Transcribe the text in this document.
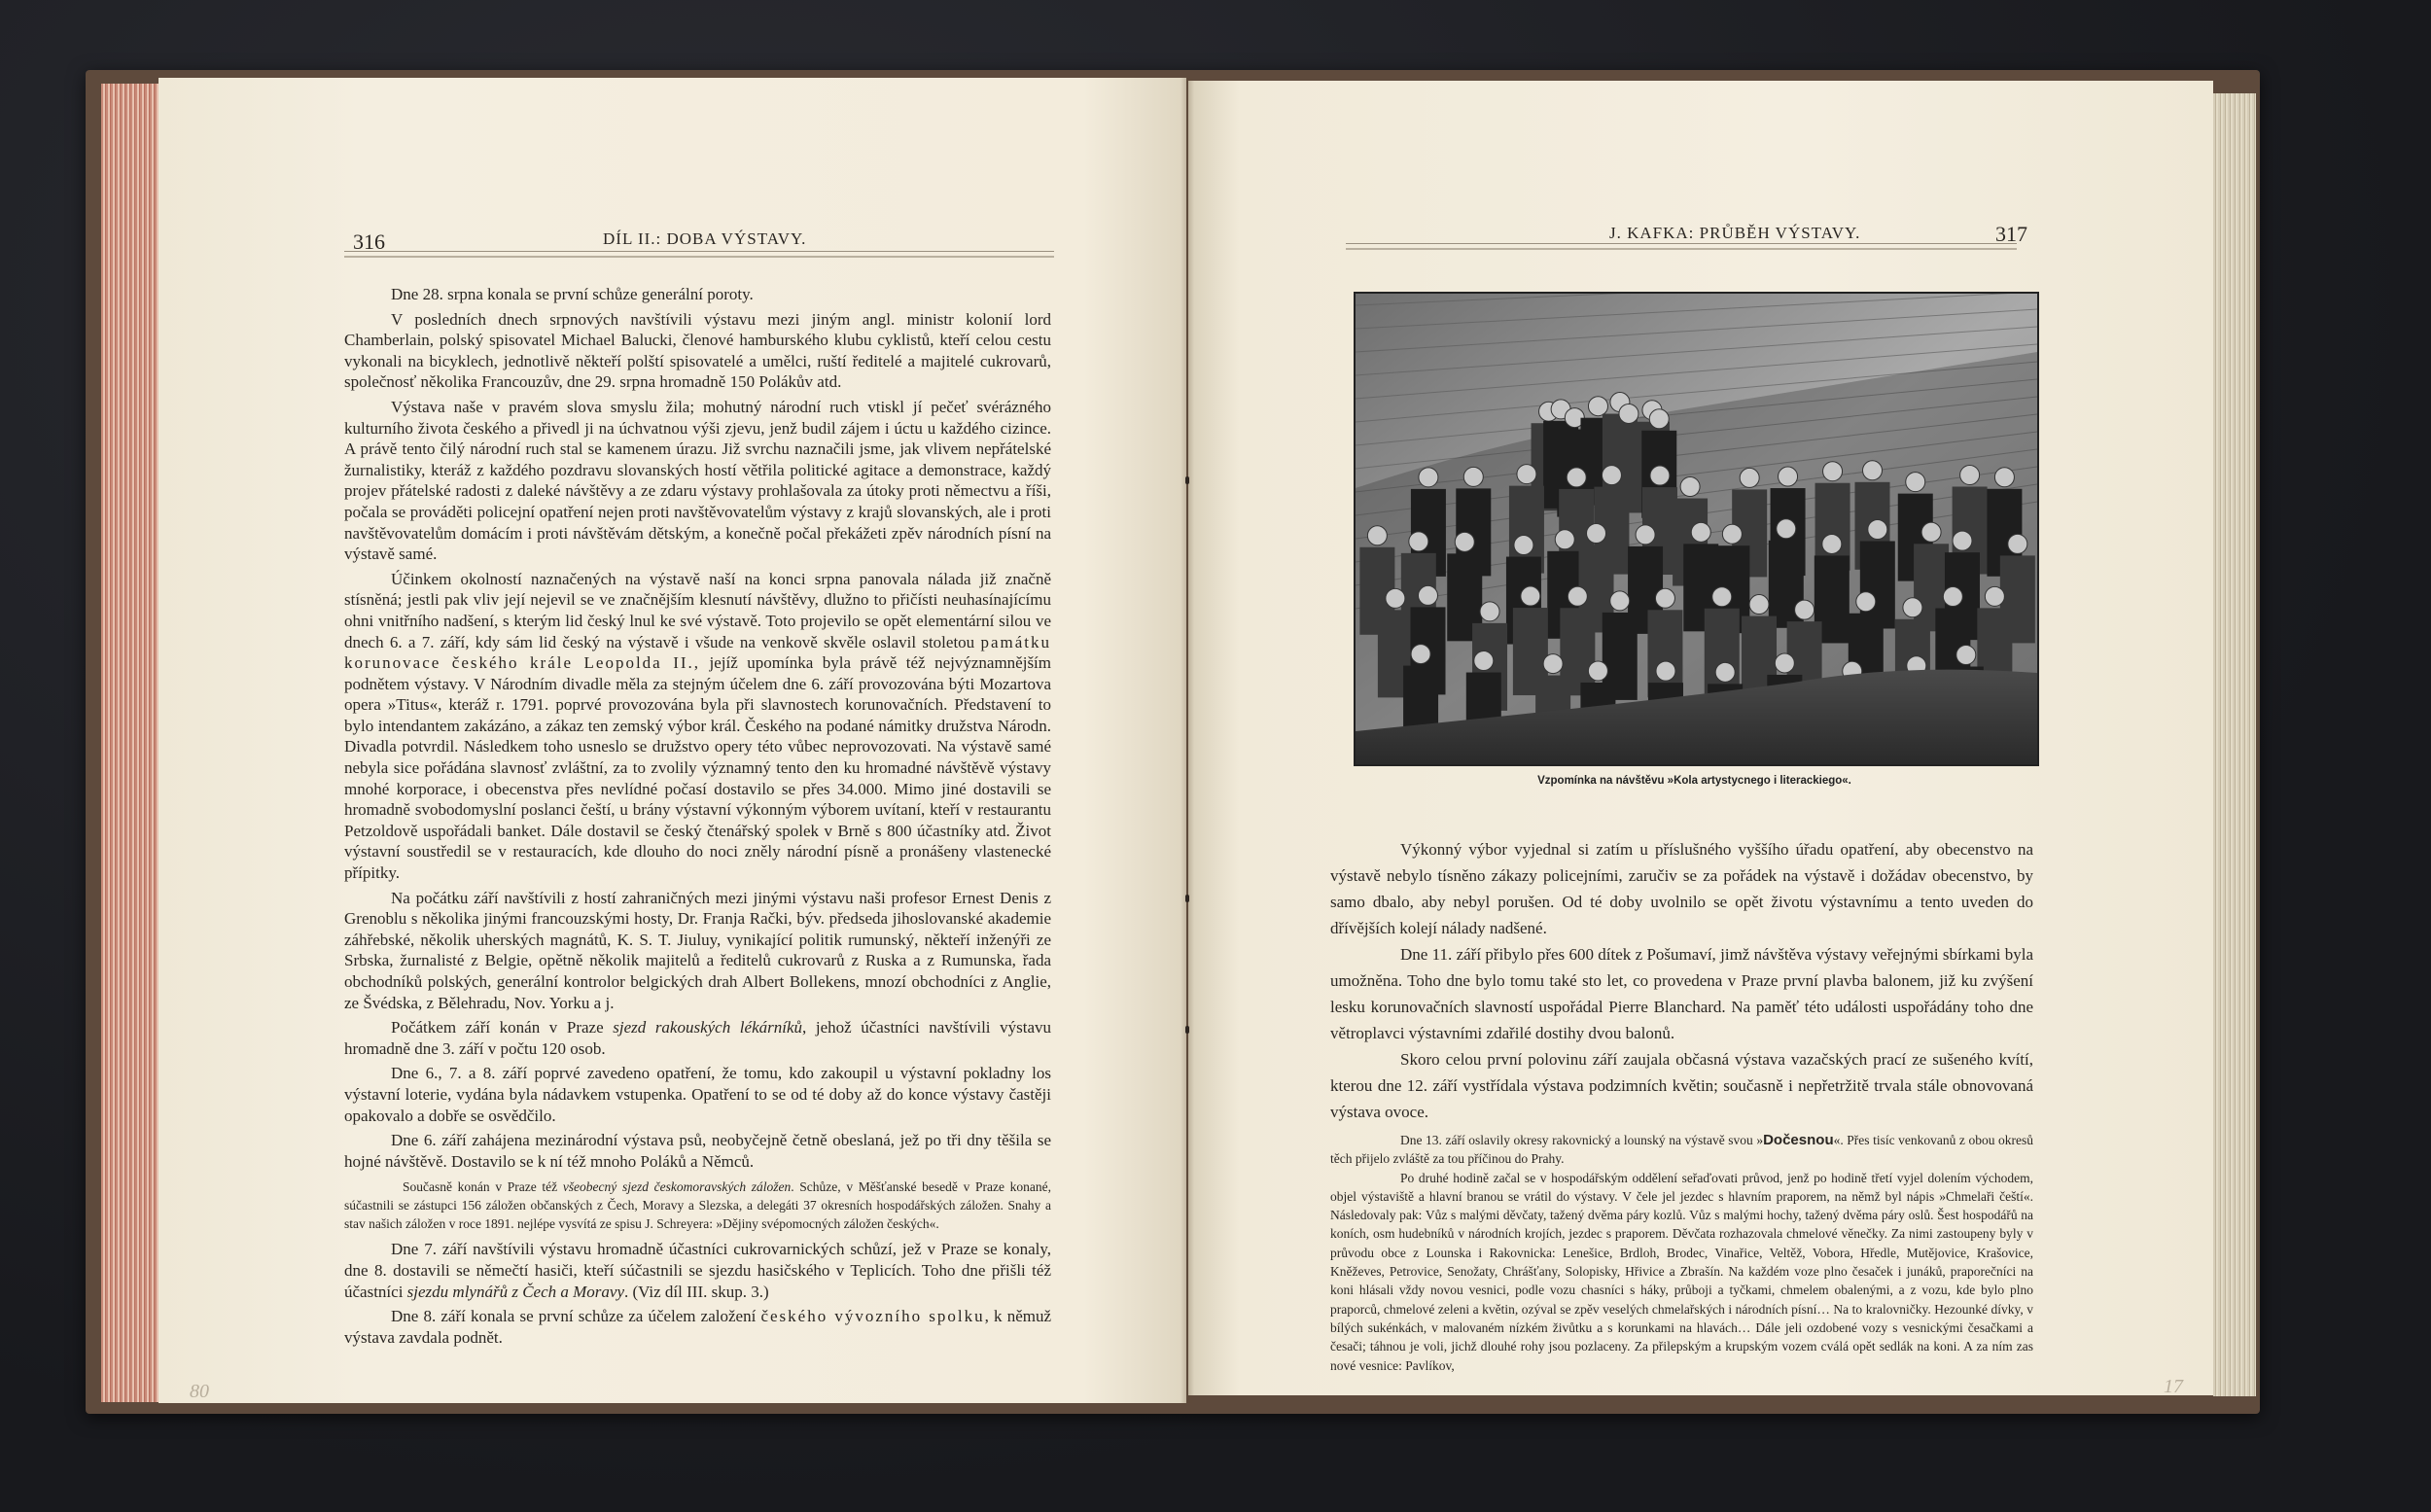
316	DÍL II.: DOBA VÝSTAVY.

Dne 28. srpna konala se první schůze generální poroty.

V posledních dnech srpnových navštívili výstavu mezi jiným angl. ministr kolonií lord Chamberlain, polský spisovatel Michael Balucki, členové hamburského klubu cyklistů, kteří celou cestu vykonali na bicyklech, jednotlivě někteří polští spisovatelé a umělci, ruští ředitelé a majitelé cukrovarů, společnosť několika Francouzův, dne 29. srpna hromadně 150 Polákův atd.

Výstava naše v pravém slova smyslu žila; mohutný národní ruch vtiskl jí pečeť svérázného kulturního života českého a přivedl ji na úchvatnou výši zjevu, jenž budil zájem i úctu u každého cizince. A právě tento čilý národní ruch stal se kamenem úrazu. Již svrchu naznačili jsme, jak vlivem nepřátelské žurnalistiky, kteráž z každého pozdravu slovanských hostí větřila politické agitace a demonstrace, každý projev přátelské radosti z daleké návštěvy a ze zdaru výstavy prohlašovala za útoky proti němectvu a říši, počala se prováděti policejní opatření nejen proti navštěvovatelům výstavy z krajů slovanských, ale i proti navštěvovatelům domácím i proti návštěvám dětským, a konečně počal překážeti zpěv národních písní na výstavě samé.

Účinkem okolností naznačených na výstavě naší na konci srpna panovala nálada již značně stísněná; jestli pak vliv její nejevil se ve značnějším klesnutí návštěvy, dlužno to přičísti neuhasínajícímu ohni vnitřního nadšení, s kterým lid český lnul ke své výstavě. Toto projevilo se opět elementární silou ve dnech 6. a 7. září, kdy sám lid český na výstavě i všude na venkově skvěle oslavil stoletou památku korunovace českého krále Leopolda II., jejíž upomínka byla právě též nejvýznamnějším podnětem výstavy. V Národním divadle měla za stejným účelem dne 6. září provozována býti Mozartova opera »Titus«, kteráž r. 1791. poprvé provozována byla při slavnostech korunovačních. Představení to bylo intendantem zakázáno, a zákaz ten zemský výbor král. Českého na podané námitky družstva Národn. Divadla potvrdil. Následkem toho usneslo se družstvo opery této vůbec neprovozovati. Na výstavě samé nebyla sice pořádána slavnosť zvláštní, za to zvolily významný tento den ku hromadné návštěvě výstavy mnohé korporace, i obecenstva přes nevlídné počasí dostavilo se přes 34.000. Mimo jiné dostavili se hromadně svobodomyslní poslanci čeští, u brány výstavní výkonným výborem uvítaní, kteří v restaurantu Petzoldově uspořádali banket. Dále dostavil se český čtenářský spolek v Brně s 800 účastníky atd. Život výstavní soustředil se v restauracích, kde dlouho do noci zněly národní písně a pronášeny vlastenecké přípitky.

Na počátku září navštívili z hostí zahraničných mezi jinými výstavu naši profesor Ernest Denis z Grenoblu s několika jinými francouzskými hosty, Dr. Franja Rački, býv. předseda jihoslovanské akademie záhřebské, několik uherských magnátů, K. S. T. Jiuluy, vynikající politik rumunský, někteří inženýři ze Srbska, žurnalisté z Belgie, opětně několik majitelů a ředitelů cukrovarů z Ruska a z Rumunska, řada obchodníků polských, generální kontrolor belgických drah Albert Bollekens, mnozí obchodníci z Anglie, ze Švédska, z Bělehradu, Nov. Yorku a j.

Počátkem září konán v Praze sjezd rakouských lékárníků, jehož účastníci navštívili výstavu hromadně dne 3. září v počtu 120 osob.

Dne 6., 7. a 8. září poprvé zavedeno opatření, že tomu, kdo zakoupil u výstavní pokladny los výstavní loterie, vydána byla nádavkem vstupenka. Opatření to se od té doby až do konce výstavy častěji opakovalo a dobře se osvědčilo.

Dne 6. září zahájena mezinárodní výstava psů, neobyčejně četně obeslaná, jež po tři dny těšila se hojné návštěvě. Dostavilo se k ní též mnoho Poláků a Němců.

Současně konán v Praze též všeobecný sjezd českomoravských záložen. Schůze, v Měšťanské besedě v Praze konané, súčastnili se zástupci 156 záložen občanských z Čech, Moravy a Slezska, a delegáti 37 okresních hospodářských záložen. Snahy a stav našich záložen v roce 1891. nejlépe vysvítá ze spisu J. Schreyera: »Dějiny svépomocných záložen českých«.

Dne 7. září navštívili výstavu hromadně účastníci cukrovarnických schůzí, jež v Praze se konaly, dne 8. dostavili se němečtí hasiči, kteří súčastnili se sjezdu hasičského v Teplicích. Toho dne přišli též účastníci sjezdu mlynářů z Čech a Moravy. (Viz díl III. skup. 3.)

Dne 8. září konala se první schůze za účelem založení českého vývozního spolku, k němuž výstava zavdala podnět.

80
J. KAFKA: PRŮBĚH VÝSTAVY.	317
Vzpomínka na návštěvu »Kola artystycnego i literackiego«.

Výkonný výbor vyjednal si zatím u příslušného vyššího úřadu opatření, aby obecenstvo na výstavě nebylo tísněno zákazy policejními, zaručiv se za pořádek na výstavě i dožádav obecenstvo, by samo dbalo, aby nebyl porušen. Od té doby uvolnilo se opět životu výstavnímu a tento uveden do dřívějších kolejí nálady nadšené.

Dne 11. září přibylo přes 600 dítek z Pošumaví, jimž návštěva výstavy veřejnými sbírkami byla umožněna. Toho dne bylo tomu také sto let, co provedena v Praze první plavba balonem, již ku zvýšení lesku korunovačních slavností uspořádal Pierre Blanchard. Na paměť této události uspořádány toho dne větroplavci výstavními zdařilé dostihy dvou balonů.

Skoro celou první polovinu září zaujala občasná výstava vazačských prací ze sušeného kvítí, kterou dne 12. září vystřídala výstava podzimních květin; současně i nepřetržitě trvala stále obnovovaná výstava ovoce.

Dne 13. září oslavily okresy rakovnický a lounský na výstavě svou »Dočesnou«. Přes tisíc venkovanů z obou okresů těch přijelo zvláště za tou příčinou do Prahy.

Po druhé hodině začal se v hospodářským oddělení seřaďovati průvod, jenž po hodině třetí vyjel dolením východem, objel výstaviště a hlavní branou se vrátil do výstavy. V čele jel jezdec s hlavním praporem, na němž byl nápis »Chmelaři čeští«. Následovaly pak: Vůz s malými děvčaty, tažený dvěma páry kozlů. Vůz s malými hochy, tažený dvěma páry oslů. Šest hospodářů na koních, osm hudebníků v národních krojích, jezdec s praporem. Děvčata rozhazovala chmelové věnečky. Za nimi zastoupeny byly v průvodu obce z Lounska i Rakovnicka: Lenešice, Brdloh, Brodec, Vinařice, Veltěž, Vobora, Hředle, Mutějovice, Krašovice, Kněževes, Petrovice, Senožaty, Chrášťany, Solopisky, Hřivice a Zbrašín. Na každém voze plno česaček i junáků, praporečníci na koni hlásali vždy novou vesnici, podle vozu chasníci s háky, průboji a tyčkami, chmelem obalenými, a z vozu, kde bylo plno praporců, chmelové zeleni a květin, ozýval se zpěv veselých chmelařských i národních písní… Na to kralovničky. Hezounké dívky, v bílých sukénkách, v malovaném nízkém živůtku a s korunkami na hlavách… Dále jeli ozdobené vozy s vesnickými česačkami a česači; táhnou je voli, jichž dlouhé rohy jsou pozlaceny. Za přilepským a krupským vozem cválá opět sedlák na koni. A za ním zas nové vesnice: Pavlíkov,

17
